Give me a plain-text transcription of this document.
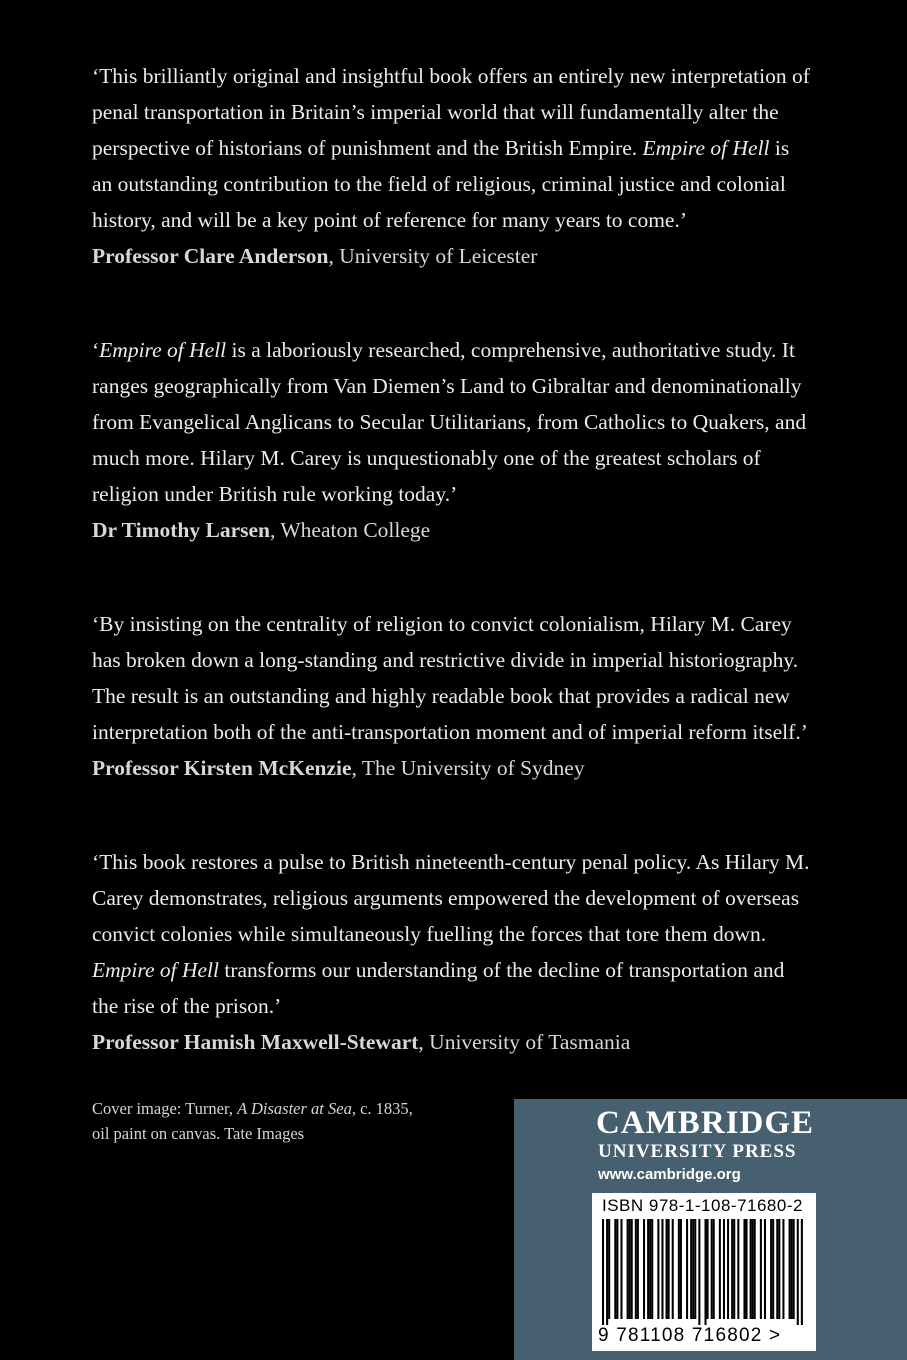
‘This brilliantly original and insightful book offers an entirely new interpretation of penal transportation in Britain’s imperial world that will fundamentally alter the perspective of historians of punishment and the British Empire. Empire of Hell is an outstanding contribution to the field of religious, criminal justice and colonial history, and will be a key point of reference for many years to come.’

Professor Clare Anderson, University of Leicester

‘Empire of Hell is a laboriously researched, comprehensive, authoritative study. It ranges geographically from Van Diemen’s Land to Gibraltar and denominationally from Evangelical Anglicans to Secular Utilitarians, from Catholics to Quakers, and much more. Hilary M. Carey is unquestionably one of the greatest scholars of religion under British rule working today.’

Dr Timothy Larsen, Wheaton College

‘By insisting on the centrality of religion to convict colonialism, Hilary M. Carey has broken down a long-standing and restrictive divide in imperial historiography. The result is an outstanding and highly readable book that provides a radical new interpretation both of the anti-transportation moment and of imperial reform itself.’

Professor Kirsten McKenzie, The University of Sydney

‘This book restores a pulse to British nineteenth-century penal policy. As Hilary M. Carey demonstrates, religious arguments empowered the development of overseas convict colonies while simultaneously fuelling the forces that tore them down. Empire of Hell transforms our understanding of the decline of transportation and the rise of the prison.’

Professor Hamish Maxwell-Stewart, University of Tasmania

Cover image: Turner, A Disaster at Sea, c. 1835,
oil paint on canvas. Tate Images	CAMBRIDGE
UNIVERSITY PRESS
www.cambridge.org
ISBN 978-1-108-71680-2
9 781108 716802 >
